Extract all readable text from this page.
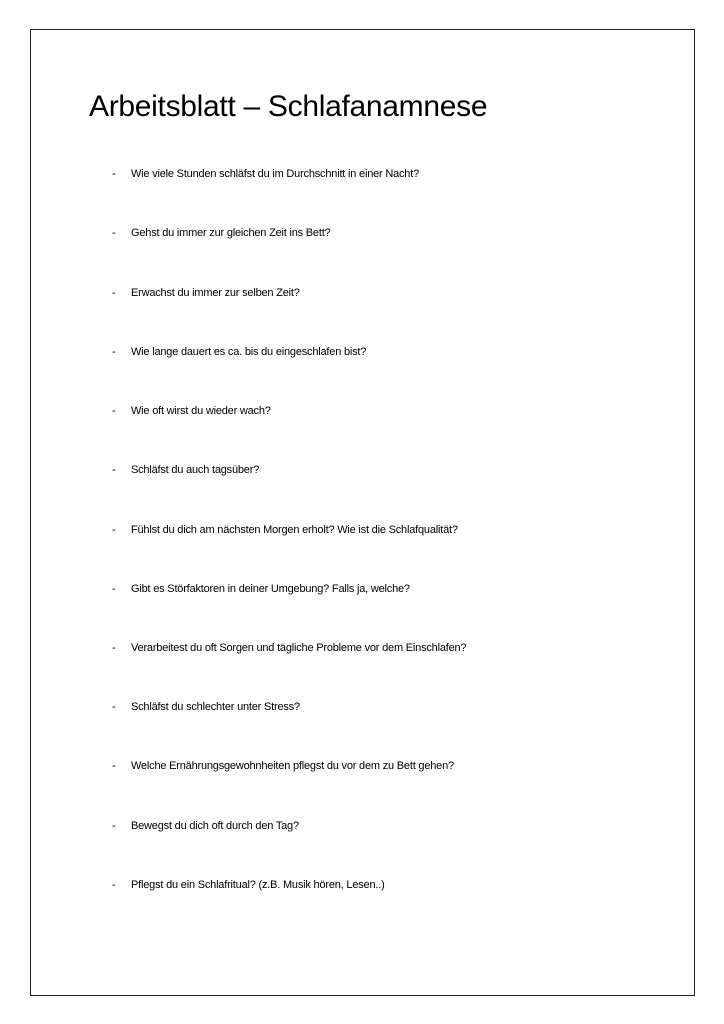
Arbeitsblatt – Schlafanamnese
- Wie viele Stunden schläfst du im Durchschnitt in einer Nacht?
- Gehst du immer zur gleichen Zeit ins Bett?
- Erwachst du immer zur selben Zeit?
- Wie lange dauert es ca. bis du eingeschlafen bist?
- Wie oft wirst du wieder wach?
- Schläfst du auch tagsüber?
- Fühlst du dich am nächsten Morgen erholt? Wie ist die Schlafqualität?
- Gibt es Störfaktoren in deiner Umgebung? Falls ja, welche?
- Verarbeitest du oft Sorgen und tägliche Probleme vor dem Einschlafen?
- Schläfst du schlechter unter Stress?
- Welche Ernährungsgewohnheiten pflegst du vor dem zu Bett gehen?
- Bewegst du dich oft durch den Tag?
- Pflegst du ein Schlafritual? (z.B. Musik hören, Lesen..)
